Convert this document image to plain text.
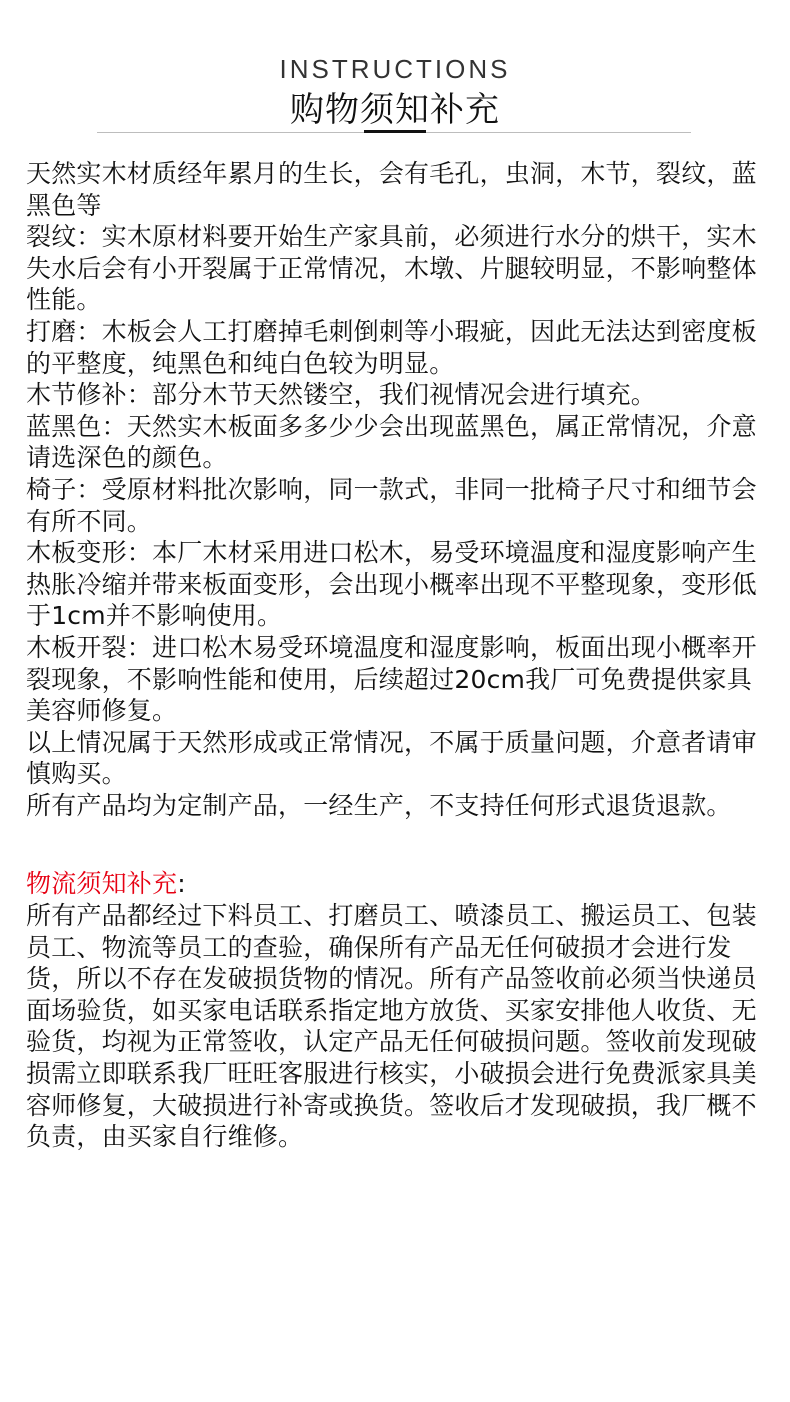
INSTRUCTIONS
购物须知补充

天然实木材质经年累月的生长，会有毛孔，虫洞，木节，裂纹，蓝黑色等

裂纹：实木原材料要开始生产家具前，必须进行水分的烘干，实木失水后会有小开裂属于正常情况，木墩、片腿较明显，不影响整体性能。

打磨：木板会人工打磨掉毛刺倒刺等小瑕疵，因此无法达到密度板的平整度，纯黑色和纯白色较为明显。

木节修补：部分木节天然镂空，我们视情况会进行填充。

蓝黑色：天然实木板面多多少少会出现蓝黑色，属正常情况，介意请选深色的颜色。

椅子：受原材料批次影响，同一款式，非同一批椅子尺寸和细节会有所不同。

木板变形：本厂木材采用进口松木，易受环境温度和湿度影响产生热胀冷缩并带来板面变形，会出现小概率出现不平整现象，变形低于1cm并不影响使用。

木板开裂：进口松木易受环境温度和湿度影响，板面出现小概率开裂现象，不影响性能和使用，后续超过20cm我厂可免费提供家具美容师修复。

以上情况属于天然形成或正常情况，不属于质量问题，介意者请审慎购买。

所有产品均为定制产品，一经生产，不支持任何形式退货退款。

物流须知补充:

所有产品都经过下料员工、打磨员工、喷漆员工、搬运员工、包装员工、物流等员工的查验，确保所有产品无任何破损才会进行发货，所以不存在发破损货物的情况。所有产品签收前必须当快递员面场验货，如买家电话联系指定地方放货、买家安排他人收货、无验货，均视为正常签收，认定产品无任何破损问题。签收前发现破损需立即联系我厂旺旺客服进行核实，小破损会进行免费派家具美容师修复，大破损进行补寄或换货。签收后才发现破损，我厂概不负责，由买家自行维修。
